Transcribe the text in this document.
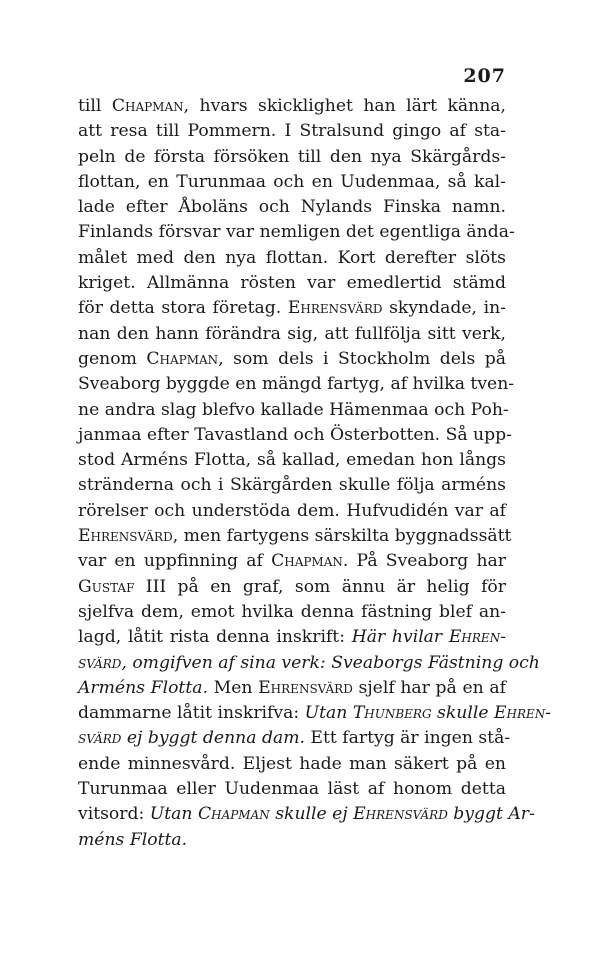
207
till Chapman, hvars skicklighet han lärt känna,
att resa till Pommern. I Stralsund gingo af sta-
peln de första försöken till den nya Skärgårds-
flottan, en Turunmaa och en Uudenmaa, så kal-
lade efter Åboläns och Nylands Finska namn.
Finlands försvar var nemligen det egentliga ända-
målet med den nya flottan. Kort derefter slöts
kriget. Allmänna rösten var emedlertid stämd
för detta stora företag. Ehrensvärd skyndade, in-
nan den hann förändra sig, att fullfölja sitt verk,
genom Chapman, som dels i Stockholm dels på
Sveaborg byggde en mängd fartyg, af hvilka tven-
ne andra slag blefvo kallade Hämenmaa och Poh-
janmaa efter Tavastland och Österbotten. Så upp-
stod Arméns Flotta, så kallad, emedan hon långs
stränderna och i Skärgården skulle följa arméns
rörelser och understöda dem. Hufvudidén var af
Ehrensvärd, men fartygens särskilta byggnadssätt
var en uppfinning af Chapman. På Sveaborg har
Gustaf III på en graf, som ännu är helig för
sjelfva dem, emot hvilka denna fästning blef an-
lagd, låtit rista denna inskrift: Här hvilar Ehren-
svärd, omgifven af sina verk: Sveaborgs Fästning och
Arméns Flotta. Men Ehrensvärd sjelf har på en af
dammarne låtit inskrifva: Utan Thunberg skulle Ehren-
svärd ej byggt denna dam. Ett fartyg är ingen stå-
ende minnesvård. Eljest hade man säkert på en
Turunmaa eller Uudenmaa läst af honom detta
vitsord: Utan Chapman skulle ej Ehrensvärd byggt Ar-
méns Flotta.
